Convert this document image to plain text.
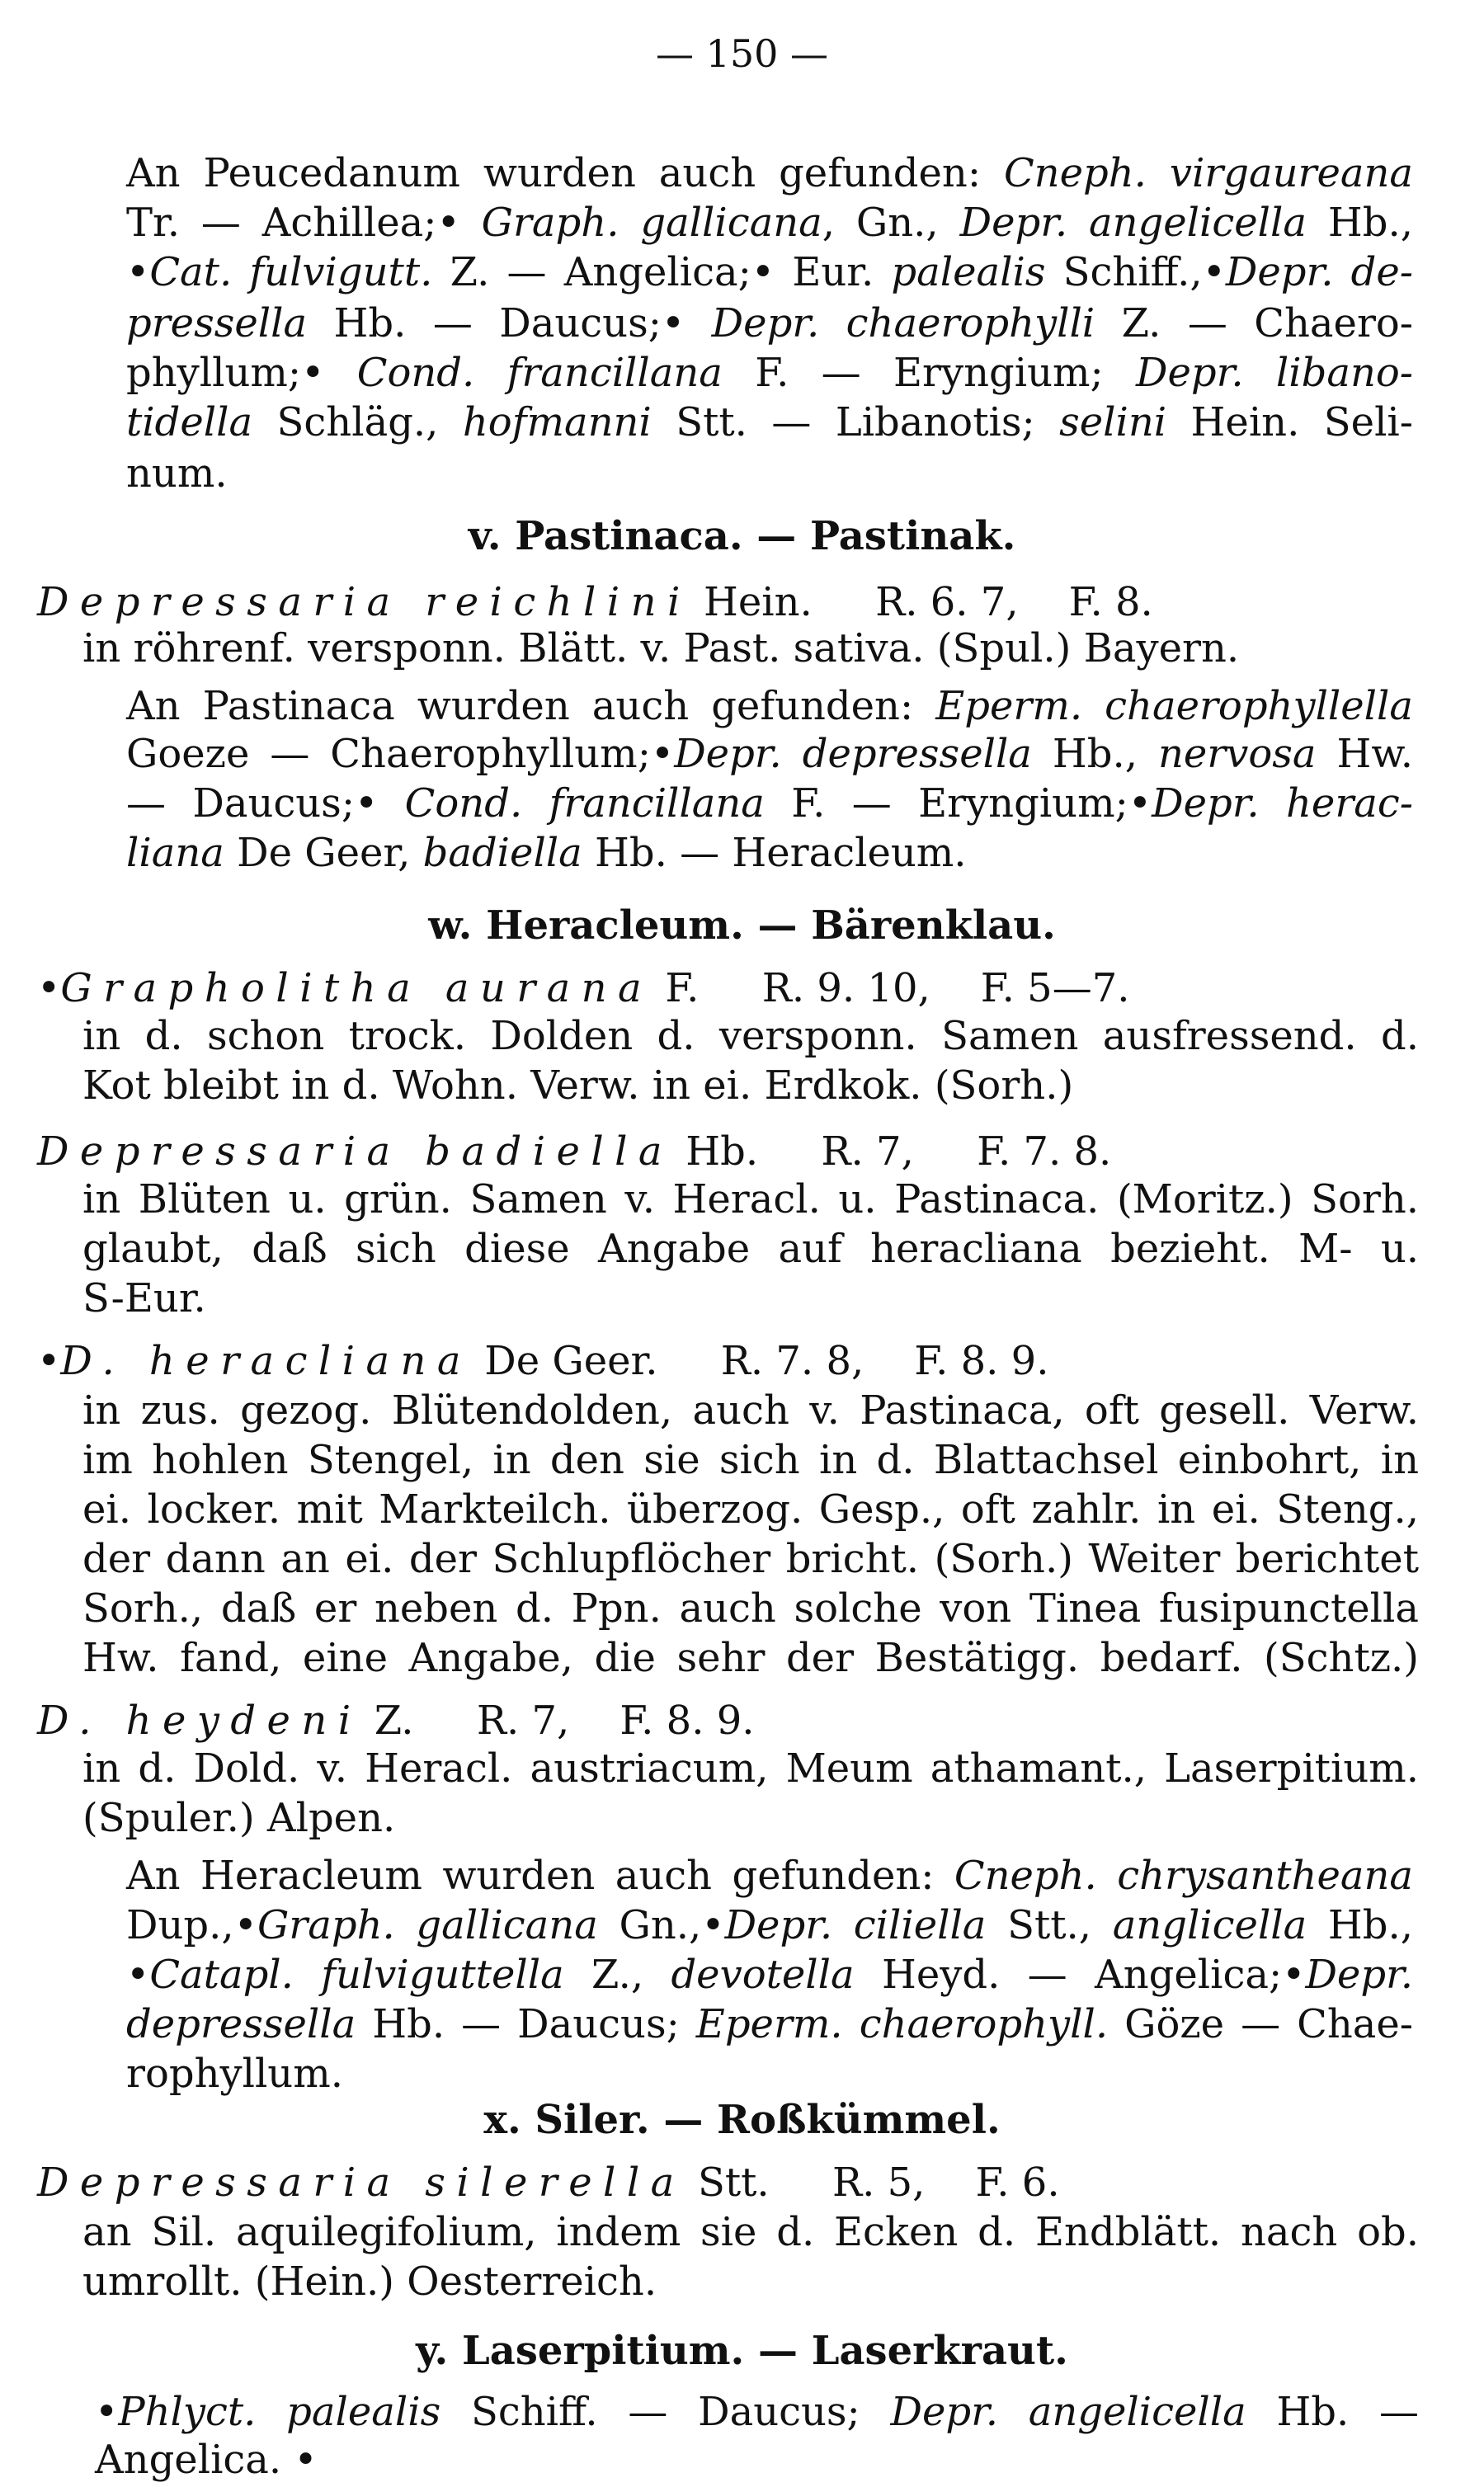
— 150 —
An Peucedanum wurden auch gefunden: Cneph. virgaureana
Tr. — Achillea;• Graph. gallicana, Gn., Depr. angelicella Hb.,
•Cat. fulvigutt. Z. — Angelica;• Eur. palealis Schiff.,•Depr. de-
pressella Hb. — Daucus;• Depr. chaerophylli Z. — Chaero-
phyllum;• Cond. francillana F. — Eryngium; Depr. libano-
tidella Schläg., hofmanni Stt. — Libanotis; selini Hein. Seli-
num.
v. Pastinaca. — Pastinak.
Depressaria reichlini Hein.     R. 6. 7,    F. 8.
in röhrenf. versponn. Blätt. v. Past. sativa. (Spul.) Bayern.
An Pastinaca wurden auch gefunden: Eperm. chaerophyllella
Goeze — Chaerophyllum;•Depr. depressella Hb., nervosa Hw.
— Daucus;• Cond. francillana F. — Eryngium;•Depr. herac-
liana De Geer, badiella Hb. — Heracleum.
w. Heracleum. — Bärenklau.
•Grapholitha aurana F.     R. 9. 10,    F. 5—7.
in d. schon trock. Dolden d. versponn. Samen ausfressend. d.
Kot bleibt in d. Wohn. Verw. in ei. Erdkok. (Sorh.)
Depressaria badiella Hb.     R. 7,     F. 7. 8.
in Blüten u. grün. Samen v. Heracl. u. Pastinaca. (Moritz.) Sorh.
glaubt, daß sich diese Angabe auf heracliana bezieht. M- u.
S-Eur.
•D. heracliana De Geer.     R. 7. 8,    F. 8. 9.
in zus. gezog. Blütendolden, auch v. Pastinaca, oft gesell. Verw.
im hohlen Stengel, in den sie sich in d. Blattachsel einbohrt, in
ei. locker. mit Markteilch. überzog. Gesp., oft zahlr. in ei. Steng.,
der dann an ei. der Schlupflöcher bricht. (Sorh.) Weiter berichtet
Sorh., daß er neben d. Ppn. auch solche von Tinea fusipunctella
Hw. fand, eine Angabe, die sehr der Bestätigg. bedarf. (Schtz.)
D. heydeni Z.     R. 7,    F. 8. 9.
in d. Dold. v. Heracl. austriacum, Meum athamant., Laserpitium.
(Spuler.) Alpen.
An Heracleum wurden auch gefunden: Cneph. chrysantheana
Dup.,•Graph. gallicana Gn.,•Depr. ciliella Stt., anglicella Hb.,
•Catapl. fulviguttella Z., devotella Heyd. — Angelica;•Depr.
depressella Hb. — Daucus; Eperm. chaerophyll. Göze — Chae-
rophyllum.
x. Siler. — Roßkümmel.
Depressaria silerella Stt.     R. 5,    F. 6.
an Sil. aquilegifolium, indem sie d. Ecken d. Endblätt. nach ob.
umrollt. (Hein.) Oesterreich.
y. Laserpitium. — Laserkraut.
•Phlyct. palealis Schiff. — Daucus; Depr. angelicella Hb. —
Angelica. •
